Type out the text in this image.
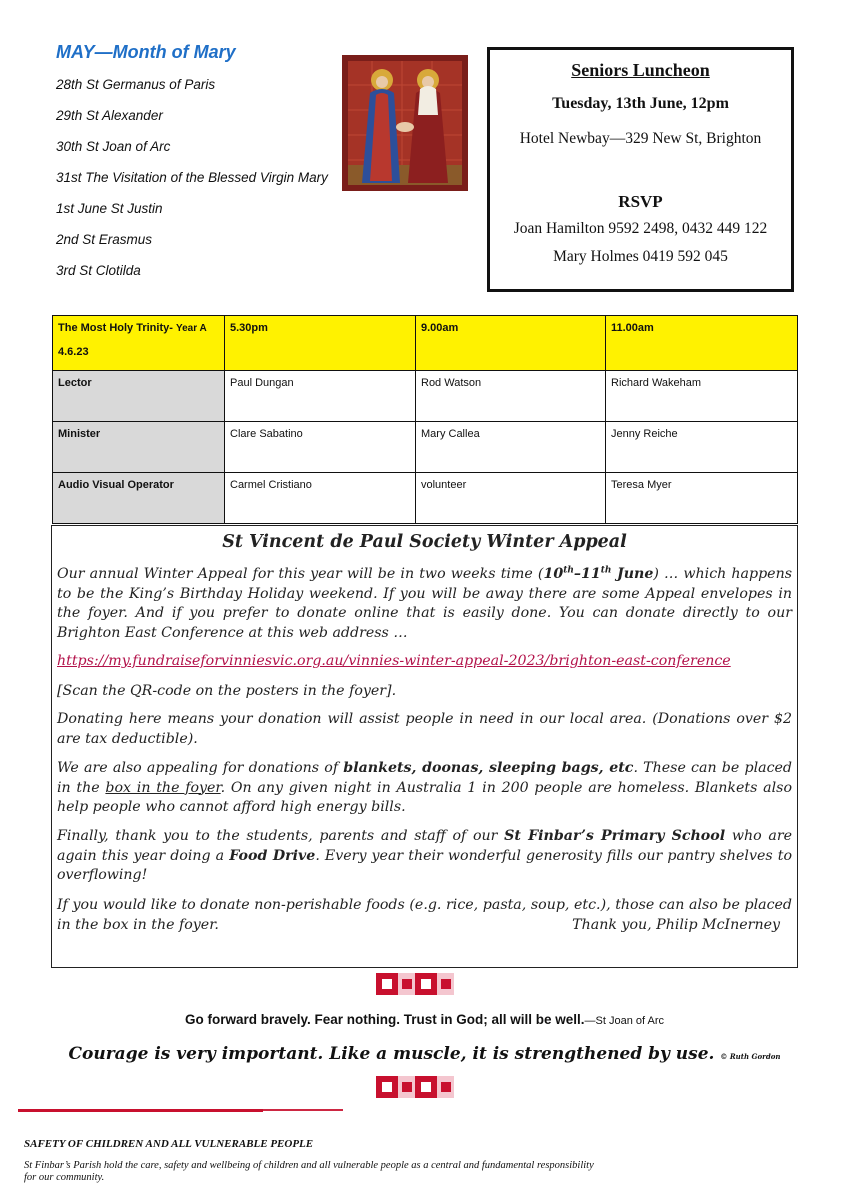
MAY—Month of Mary
28th St Germanus of Paris
29th St Alexander
30th St Joan of Arc
31st The Visitation of the Blessed Virgin Mary
1st June St Justin
2nd St Erasmus
3rd St Clotilda
Seniors Luncheon
Tuesday, 13th June, 12pm
Hotel Newbay—329 New St, Brighton
RSVP
Joan Hamilton 9592 2498, 0432 449 122
Mary Holmes 0419 592 045
The Most Holy Trinity- Year A

4.6.23	5.30pm	9.00am	11.00am
Lector	Paul Dungan	Rod Watson	Richard Wakeham
Minister	Clare Sabatino	Mary Callea	Jenny Reiche
Audio Visual Operator	Carmel Cristiano	volunteer	Teresa Myer
St Vincent de Paul Society Winter Appeal
Our annual Winter Appeal for this year will be in two weeks time (10th–11th June) … which happens to be the King’s Birthday Holiday weekend. If you will be away there are some Appeal envelopes in the foyer. And if you prefer to donate online that is easily done. You can donate directly to our Brighton East Conference at this web address …
https://my.fundraiseforvinniesvic.org.au/vinnies-winter-appeal-2023/brighton-east-conference
[Scan the QR-code on the posters in the foyer].
Donating here means your donation will assist people in need in our local area. (Donations over $2 are tax deductible).
We are also appealing for donations of blankets, doonas, sleeping bags, etc. These can be placed in the box in the foyer. On any given night in Australia 1 in 200 people are homeless. Blankets also help people who cannot afford high energy bills.
Finally, thank you to the students, parents and staff of our St Finbar’s Primary School who are again this year doing a Food Drive. Every year their wonderful generosity fills our pantry shelves to overflowing!
If you would like to donate non-perishable foods (e.g. rice, pasta, soup, etc.), those can also be placed in the box in the foyer.	Thank you, Philip McInerney
Go forward bravely. Fear nothing. Trust in God; all will be well.—St Joan of Arc
Courage is very important. Like a muscle, it is strengthened by use. © Ruth Gordon
SAFETY OF CHILDREN AND ALL VULNERABLE PEOPLE
St Finbar’s Parish hold the care, safety and wellbeing of children and all vulnerable people as a central and fundamental responsibility for our community.
